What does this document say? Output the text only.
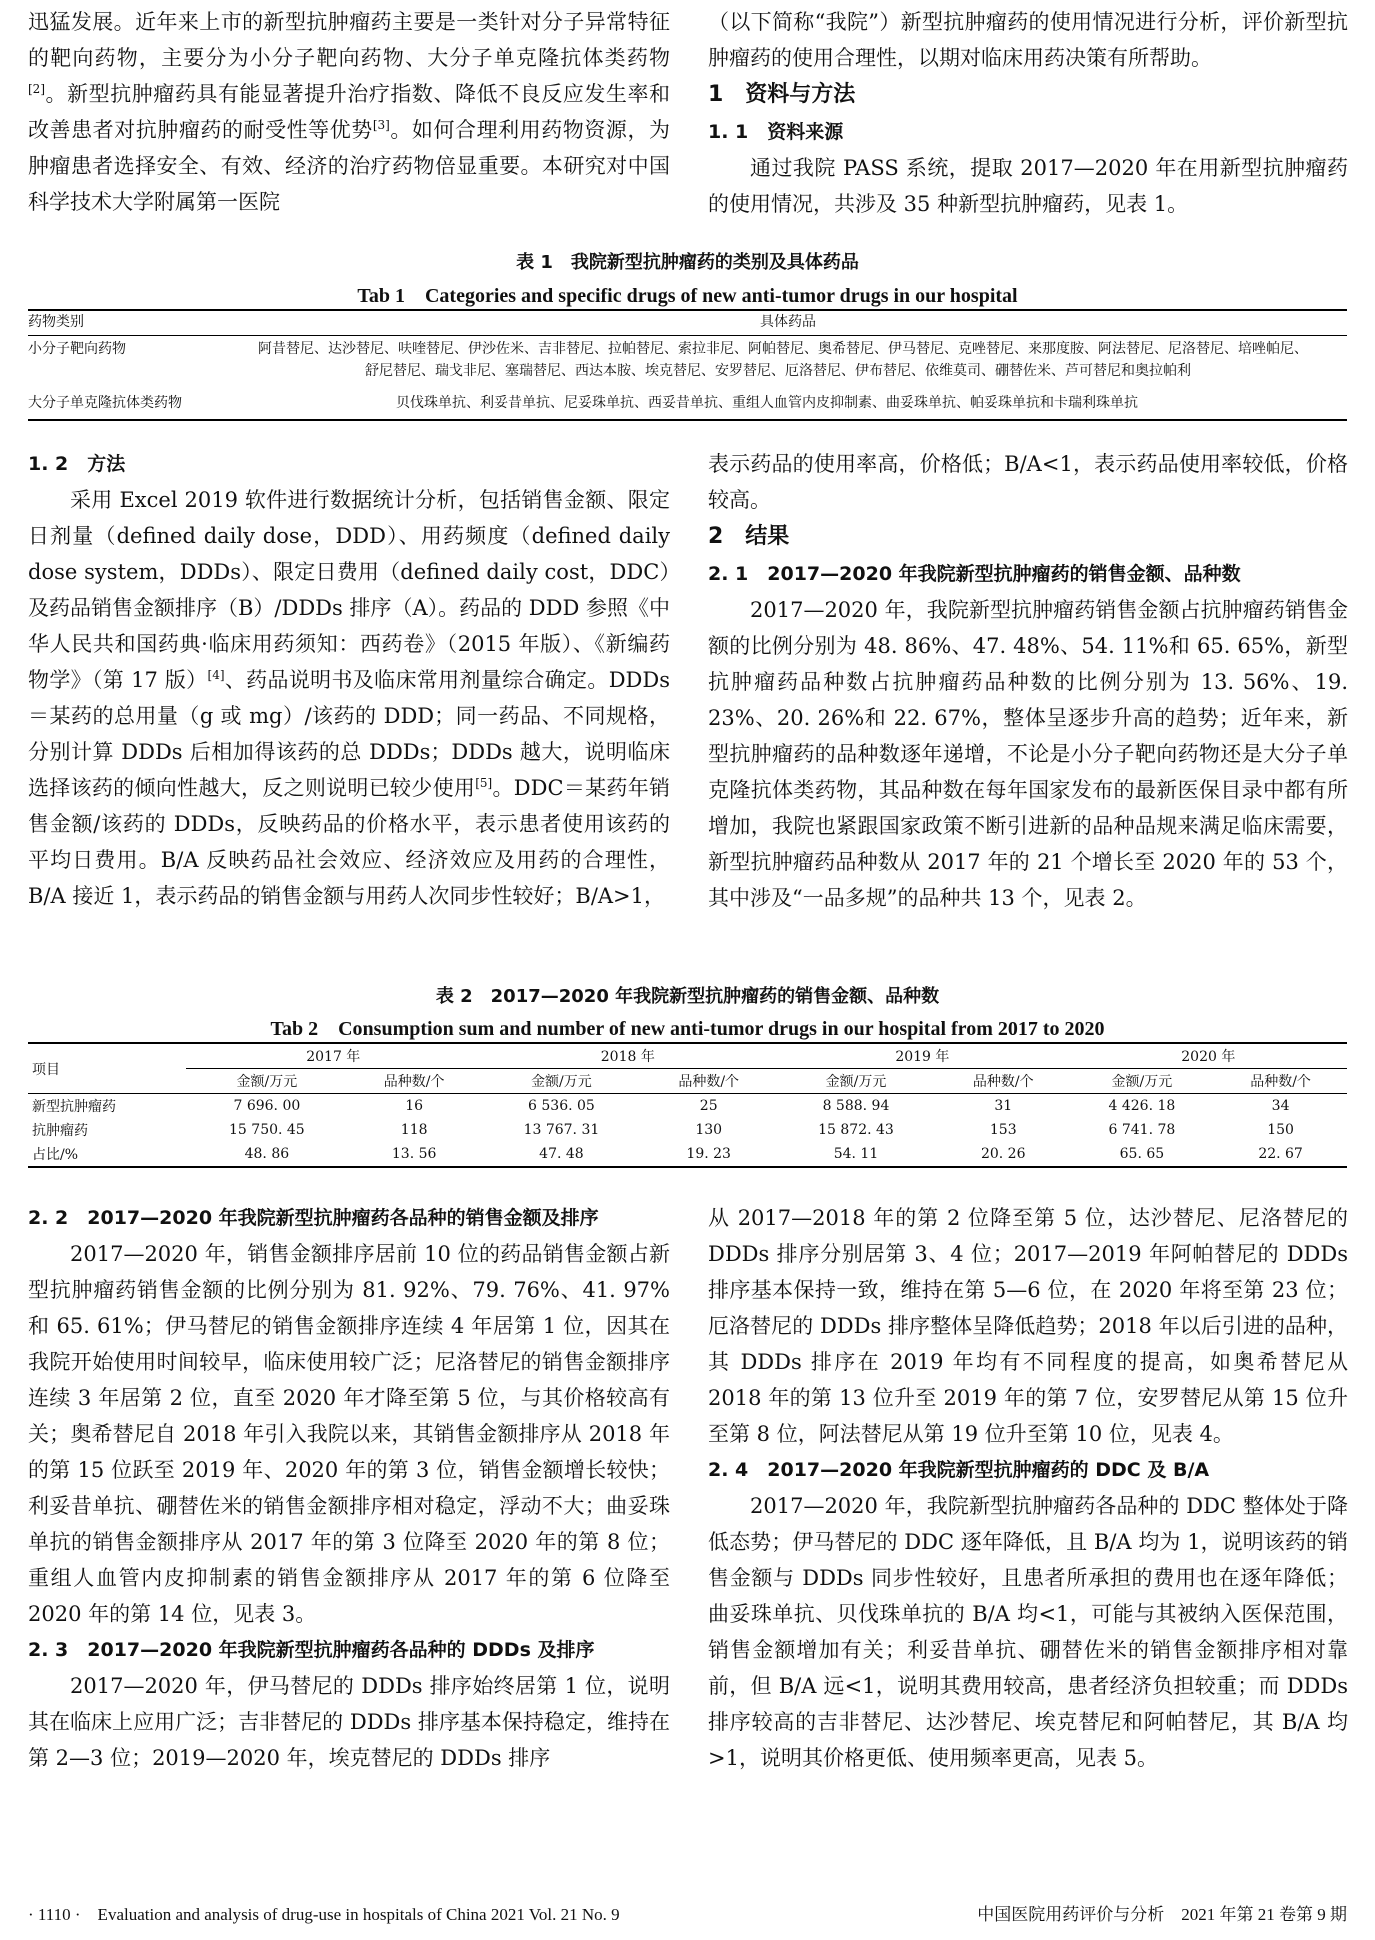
迅猛发展。近年来上市的新型抗肿瘤药主要是一类针对分子异常特征的靶向药物，主要分为小分子靶向药物、大分子单克隆抗体类药物[2]。新型抗肿瘤药具有能显著提升治疗指数、降低不良反应发生率和改善患者对抗肿瘤药的耐受性等优势[3]。如何合理利用药物资源，为肿瘤患者选择安全、有效、经济的治疗药物倍显重要。本研究对中国科学技术大学附属第一医院

（以下简称“我院”）新型抗肿瘤药的使用情况进行分析，评价新型抗肿瘤药的使用合理性，以期对临床用药决策有所帮助。

1　资料与方法

1. 1　资料来源

通过我院 PASS 系统，提取 2017—2020 年在用新型抗肿瘤药的使用情况，共涉及 35 种新型抗肿瘤药，见表 1。

表 1　我院新型抗肿瘤药的类别及具体药品
Tab 1　Categories and specific drugs of new anti-tumor drugs in our hospital
药物类别	具体药品
小分子靶向药物	阿昔替尼、达沙替尼、呋喹替尼、伊沙佐米、吉非替尼、拉帕替尼、索拉非尼、阿帕替尼、奥希替尼、伊马替尼、克唑替尼、来那度胺、阿法替尼、尼洛替尼、培唑帕尼、
舒尼替尼、瑞戈非尼、塞瑞替尼、西达本胺、埃克替尼、安罗替尼、厄洛替尼、伊布替尼、依维莫司、硼替佐米、芦可替尼和奥拉帕利
大分子单克隆抗体类药物	贝伐珠单抗、利妥昔单抗、尼妥珠单抗、西妥昔单抗、重组人血管内皮抑制素、曲妥珠单抗、帕妥珠单抗和卡瑞利珠单抗

1. 2　方法

采用 Excel 2019 软件进行数据统计分析，包括销售金额、限定日剂量（defined daily dose，DDD）、用药频度（defined daily dose system，DDDs）、限定日费用（defined daily cost，DDC）及药品销售金额排序（B）/DDDs 排序（A）。药品的 DDD 参照《中华人民共和国药典·临床用药须知：西药卷》（2015 年版）、《新编药物学》（第 17 版）[4]、药品说明书及临床常用剂量综合确定。DDDs＝某药的总用量（g 或 mg）/该药的 DDD；同一药品、不同规格，分别计算 DDDs 后相加得该药的总 DDDs；DDDs 越大，说明临床选择该药的倾向性越大，反之则说明已较少使用[5]。DDC＝某药年销售金额/该药的 DDDs，反映药品的价格水平，表示患者使用该药的平均日费用。B/A 反映药品社会效应、经济效应及用药的合理性，B/A 接近 1，表示药品的销售金额与用药人次同步性较好；B/A>1，

表示药品的使用率高，价格低；B/A<1，表示药品使用率较低，价格较高。

2　结果

2. 1　2017—2020 年我院新型抗肿瘤药的销售金额、品种数

2017—2020 年，我院新型抗肿瘤药销售金额占抗肿瘤药销售金额的比例分别为 48. 86%、47. 48%、54. 11%和 65. 65%，新型抗肿瘤药品种数占抗肿瘤药品种数的比例分别为 13. 56%、19. 23%、20. 26%和 22. 67%，整体呈逐步升高的趋势；近年来，新型抗肿瘤药的品种数逐年递增，不论是小分子靶向药物还是大分子单克隆抗体类药物，其品种数在每年国家发布的最新医保目录中都有所增加，我院也紧跟国家政策不断引进新的品种品规来满足临床需要，新型抗肿瘤药品种数从 2017 年的 21 个增长至 2020 年的 53 个，其中涉及“一品多规”的品种共 13 个，见表 2。

表 2　2017—2020 年我院新型抗肿瘤药的销售金额、品种数
Tab 2　Consumption sum and number of new anti-tumor drugs in our hospital from 2017 to 2020
项目	2017 年		2018 年		2019 年		2020 年	
	金额/万元	品种数/个	金额/万元	品种数/个	金额/万元	品种数/个	金额/万元	品种数/个
新型抗肿瘤药	7 696. 00	16	6 536. 05	25	8 588. 94	31	4 426. 18	34
抗肿瘤药	15 750. 45	118	13 767. 31	130	15 872. 43	153	6 741. 78	150
占比/%	48. 86	13. 56	47. 48	19. 23	54. 11	20. 26	65. 65	22. 67

2. 2　2017—2020 年我院新型抗肿瘤药各品种的销售金额及排序

2017—2020 年，销售金额排序居前 10 位的药品销售金额占新型抗肿瘤药销售金额的比例分别为 81. 92%、79. 76%、41. 97%和 65. 61%；伊马替尼的销售金额排序连续 4 年居第 1 位，因其在我院开始使用时间较早，临床使用较广泛；尼洛替尼的销售金额排序连续 3 年居第 2 位，直至 2020 年才降至第 5 位，与其价格较高有关；奥希替尼自 2018 年引入我院以来，其销售金额排序从 2018 年的第 15 位跃至 2019 年、2020 年的第 3 位，销售金额增长较快；利妥昔单抗、硼替佐米的销售金额排序相对稳定，浮动不大；曲妥珠单抗的销售金额排序从 2017 年的第 3 位降至 2020 年的第 8 位；重组人血管内皮抑制素的销售金额排序从 2017 年的第 6 位降至 2020 年的第 14 位，见表 3。

2. 3　2017—2020 年我院新型抗肿瘤药各品种的 DDDs 及排序

2017—2020 年，伊马替尼的 DDDs 排序始终居第 1 位，说明其在临床上应用广泛；吉非替尼的 DDDs 排序基本保持稳定，维持在第 2—3 位；2019—2020 年，埃克替尼的 DDDs 排序

从 2017—2018 年的第 2 位降至第 5 位，达沙替尼、尼洛替尼的 DDDs 排序分别居第 3、4 位；2017—2019 年阿帕替尼的 DDDs 排序基本保持一致，维持在第 5—6 位，在 2020 年将至第 23 位；厄洛替尼的 DDDs 排序整体呈降低趋势；2018 年以后引进的品种，其 DDDs 排序在 2019 年均有不同程度的提高，如奥希替尼从 2018 年的第 13 位升至 2019 年的第 7 位，安罗替尼从第 15 位升至第 8 位，阿法替尼从第 19 位升至第 10 位，见表 4。

2. 4　2017—2020 年我院新型抗肿瘤药的 DDC 及 B/A

2017—2020 年，我院新型抗肿瘤药各品种的 DDC 整体处于降低态势；伊马替尼的 DDC 逐年降低，且 B/A 均为 1，说明该药的销售金额与 DDDs 同步性较好，且患者所承担的费用也在逐年降低；曲妥珠单抗、贝伐珠单抗的 B/A 均<1，可能与其被纳入医保范围，销售金额增加有关；利妥昔单抗、硼替佐米的销售金额排序相对靠前，但 B/A 远<1，说明其费用较高，患者经济负担较重；而 DDDs 排序较高的吉非替尼、达沙替尼、埃克替尼和阿帕替尼，其 B/A 均>1，说明其价格更低、使用频率更高，见表 5。

· 1110 ·　Evaluation and analysis of drug-use in hospitals of China 2021 Vol. 21 No. 9	中国医院用药评价与分析　2021 年第 21 卷第 9 期
